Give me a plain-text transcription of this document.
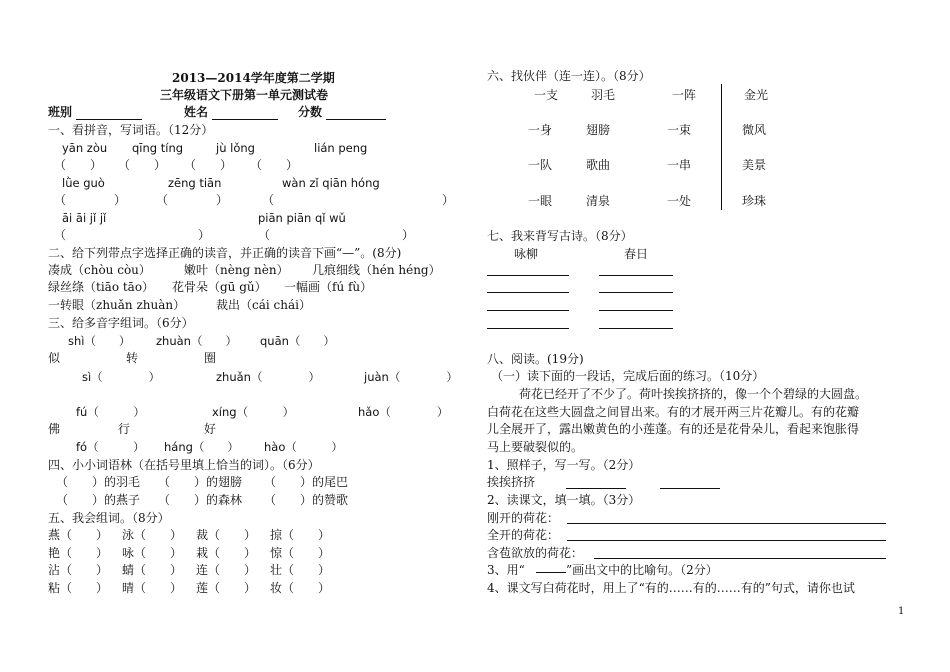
2013—2014学年度第二学期
三年级语文下册第一单元测试卷
班别	姓名	分数
一、看拼音，写词语。（12分）
yān zòu qīng tíng	jù lǒng	lián peng
（　　） （　　） （　　） （　　）
lǜe guò	zēng tiān	wàn zǐ qiān hóng
（　　　　） （　　　　）	（　　　　　　　　　　　　　　）
āi āi jǐ jǐ	piān piān qǐ wǔ
（　　　　　　　　　　　）	（　　　　　　　　　　　）
二、给下列带点字选择正确的读音，并正确的读音下画“—”。(8分)
凑成（chòu còu）	嫩叶（nèng nèn） 几痕细线（hén héng）
绿丝绦（tiāo tāo） 花骨朵（gū gǔ） 一幅画（fú fù）
一转眼（zhuǎn zhuàn）	裁出（cái chái）
三、给多音字组词。（6分）
shì（　　） zhuàn（　　） quān（　　）
似	转	圈
sì（　　　　）	zhuǎn（　　　　）	juàn（　　　　）
fú（　　　）	xíng（　　　）	hǎo（　　　　）
佛	行	好
fó（　　　） háng（　　） hào（　　　）
四、小小词语林（在括号里填上恰当的词）。（6分）
（　　）的羽毛 （　　）的翅膀 （　　）的尾巴
（　　）的燕子 （　　）的森林 （　　）的赞歌
五、我会组词。（8分）
燕（　　） 泳（　　） 裁（　　） 掠（　　）
艳（　　） 咏（　　） 栽（　　） 惊（　　）
沾（　　） 蜻（　　） 连（　　） 壮（　　）
粘（　　） 晴（　　） 莲（　　） 妆（　　）
六、找伙伴（连一连）。（8分）
一支	羽毛	一阵	金光
一身	翅膀	一束	微风
一队	歌曲	一串	美景
一眼	清泉	一处	珍珠
七、我来背写古诗。（8分）
咏柳	春日
八、阅读。(19分)
（一）读下面的一段话，完成后面的练习。（10分）
荷花已经开了不少了。荷叶挨挨挤挤的，像一个个碧绿的大圆盘。
白荷花在这些大圆盘之间冒出来。有的才展开两三片花瓣儿。有的花瓣
儿全展开了，露出嫩黄色的小莲蓬。有的还是花骨朵儿，看起来饱胀得
马上要破裂似的。
1、照样子，写一写。（2分）
挨挨挤挤
2、读课文，填一填。（3分）
刚开的荷花：
全开的荷花：
含苞欲放的荷花：
3、用“	”画出文中的比喻句。（2分）
4、课文写白荷花时，用上了“有的……有的……有的”句式，请你也试
1
